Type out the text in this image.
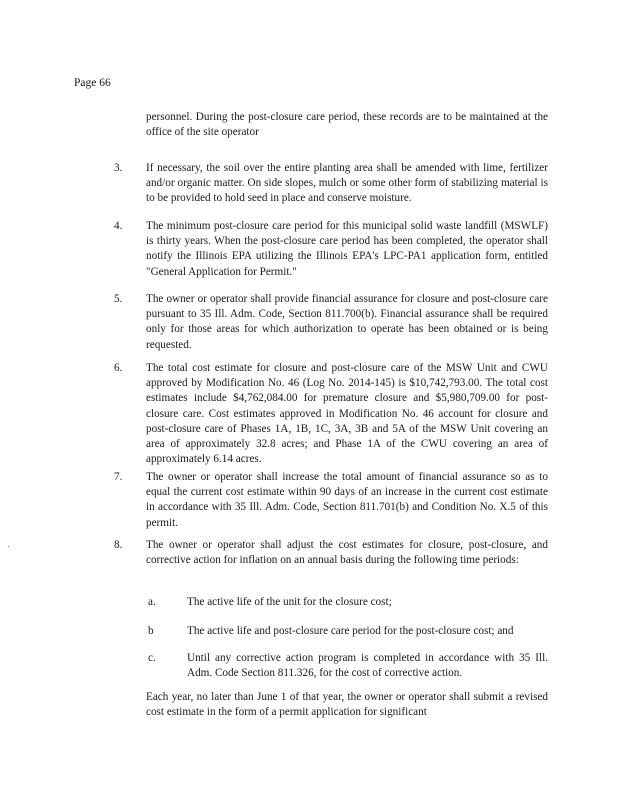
Page 66

personnel. During the post-closure care period, these records are to be maintained at the office of the site operator

3. If necessary, the soil over the entire planting area shall be amended with lime, fertilizer and/or organic matter. On side slopes, mulch or some other form of stabilizing material is to be provided to hold seed in place and conserve moisture.

4. The minimum post-closure care period for this municipal solid waste landfill (MSWLF) is thirty years. When the post-closure care period has been completed, the operator shall notify the Illinois EPA utilizing the Illinois EPA's LPC-PA1 application form, entitled "General Application for Permit."

5. The owner or operator shall provide financial assurance for closure and post-closure care pursuant to 35 Ill. Adm. Code, Section 811.700(b). Financial assurance shall be required only for those areas for which authorization to operate has been obtained or is being requested.

6. The total cost estimate for closure and post-closure care of the MSW Unit and CWU approved by Modification No. 46 (Log No. 2014-145) is $10,742,793.00. The total cost estimates include $4,762,084.00 for premature closure and $5,980,709.00 for post-closure care. Cost estimates approved in Modification No. 46 account for closure and post-closure care of Phases 1A, 1B, 1C, 3A, 3B and 5A of the MSW Unit covering an area of approximately 32.8 acres; and Phase 1A of the CWU covering an area of approximately 6.14 acres.

7. The owner or operator shall increase the total amount of financial assurance so as to equal the current cost estimate within 90 days of an increase in the current cost estimate in accordance with 35 Ill. Adm. Code, Section 811.701(b) and Condition No. X.5 of this permit.

8. The owner or operator shall adjust the cost estimates for closure, post-closure, and corrective action for inflation on an annual basis during the following time periods:

a.	The active life of the unit for the closure cost;

b	The active life and post-closure care period for the post-closure cost; and

c.	Until any corrective action program is completed in accordance with 35 Ill. Adm. Code Section 811.326, for the cost of corrective action.

Each year, no later than June 1 of that year, the owner or operator shall submit a revised cost estimate in the form of a permit application for significant
